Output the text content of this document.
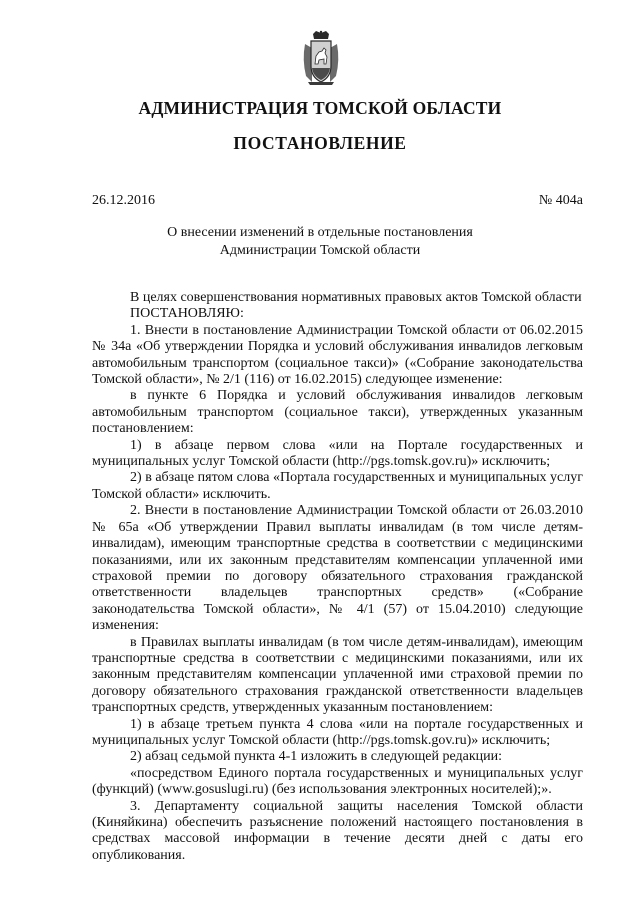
АДМИНИСТРАЦИЯ ТОМСКОЙ ОБЛАСТИ
ПОСТАНОВЛЕНИЕ
26.12.2016	№ 404а
О внесении изменений в отдельные постановления
Администрации Томской области

В целях совершенствования нормативных правовых актов Томской области

ПОСТАНОВЛЯЮ:

1. Внести в постановление Администрации Томской области от 06.02.2015 № 34а «Об утверждении Порядка и условий обслуживания инвалидов легковым автомобильным транспортом (социальное такси)» («Собрание законодательства Томской области», № 2/1 (116) от 16.02.2015) следующее изменение:

в пункте 6 Порядка и условий обслуживания инвалидов легковым автомобильным транспортом (социальное такси), утвержденных указанным постановлением:

1) в абзаце первом слова «или на Портале государственных и муниципальных услуг Томской области (http://pgs.tomsk.gov.ru)» исключить;

2) в абзаце пятом слова «Портала государственных и муниципальных услуг Томской области» исключить.

2. Внести в постановление Администрации Томской области от 26.03.2010 № 65а «Об утверждении Правил выплаты инвалидам (в том числе детям-инвалидам), имеющим транспортные средства в соответствии с медицинскими показаниями, или их законным представителям компенсации уплаченной ими страховой премии по договору обязательного страхования гражданской ответственности владельцев транспортных средств» («Собрание законодательства Томской области», № 4/1 (57) от 15.04.2010) следующие изменения:

в Правилах выплаты инвалидам (в том числе детям-инвалидам), имеющим транспортные средства в соответствии с медицинскими показаниями, или их законным представителям компенсации уплаченной ими страховой премии по договору обязательного страхования гражданской ответственности владельцев транспортных средств, утвержденных указанным постановлением:

1) в абзаце третьем пункта 4 слова «или на портале государственных и муниципальных услуг Томской области (http://pgs.tomsk.gov.ru)» исключить;

2) абзац седьмой пункта 4-1 изложить в следующей редакции:

«посредством Единого портала государственных и муниципальных услуг (функций) (www.gosuslugi.ru) (без использования электронных носителей);».

3. Департаменту социальной защиты населения Томской области (Киняйкина) обеспечить разъяснение положений настоящего постановления в средствах массовой информации в течение десяти дней с даты его опубликования.
